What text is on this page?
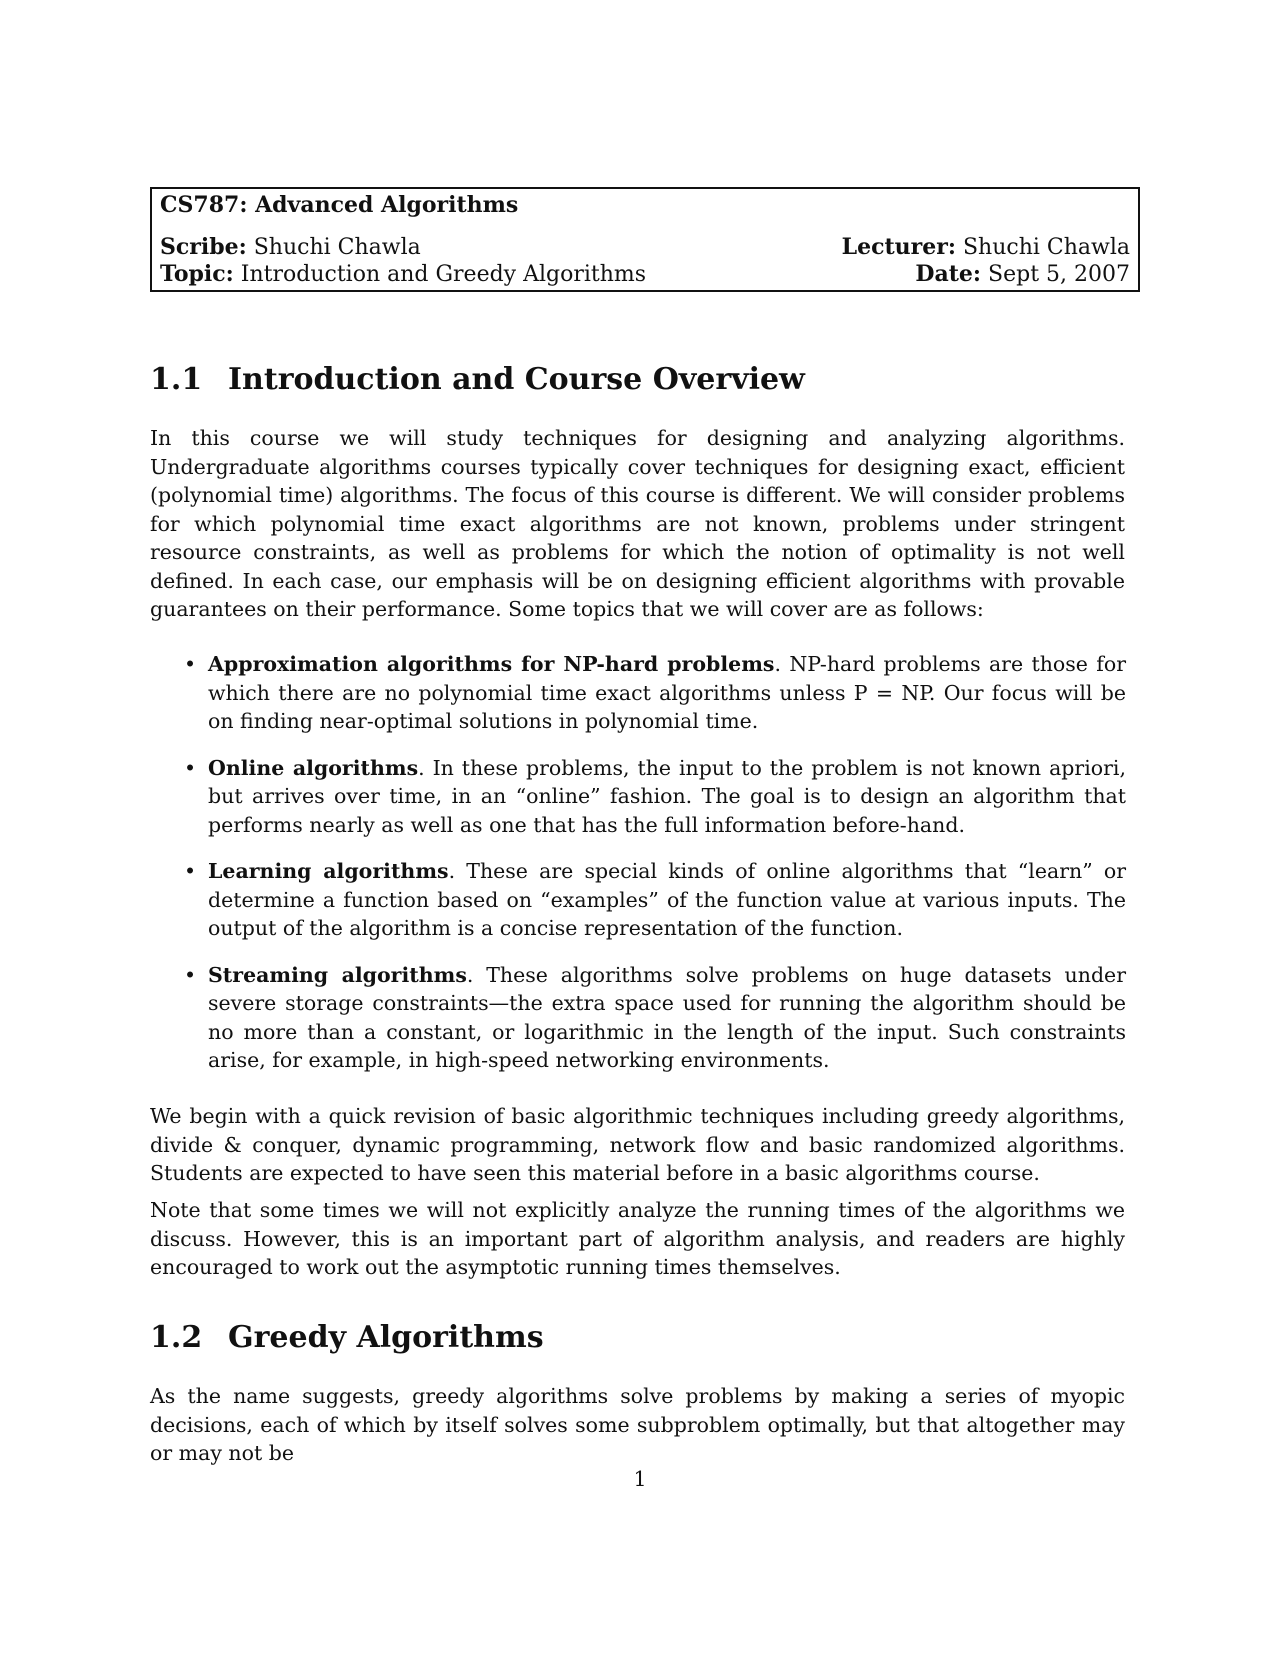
CS787: Advanced Algorithms
Scribe: Shuchi Chawla
Topic: Introduction and Greedy Algorithms
Lecturer: Shuchi Chawla
Date: Sept 5, 2007
1.1 Introduction and Course Overview

In this course we will study techniques for designing and analyzing algorithms. Undergraduate algorithms courses typically cover techniques for designing exact, efficient (polynomial time) algorithms. The focus of this course is different. We will consider problems for which polynomial time exact algorithms are not known, problems under stringent resource constraints, as well as problems for which the notion of optimality is not well defined. In each case, our emphasis will be on designing efficient algorithms with provable guarantees on their performance. Some topics that we will cover are as follows:

• Approximation algorithms for NP-hard problems. NP-hard problems are those for which there are no polynomial time exact algorithms unless P = NP. Our focus will be on finding near-optimal solutions in polynomial time.
• Online algorithms. In these problems, the input to the problem is not known apriori, but arrives over time, in an “online” fashion. The goal is to design an algorithm that performs nearly as well as one that has the full information before-hand.
• Learning algorithms. These are special kinds of online algorithms that “learn” or determine a function based on “examples” of the function value at various inputs. The output of the algorithm is a concise representation of the function.
• Streaming algorithms. These algorithms solve problems on huge datasets under severe storage constraints—the extra space used for running the algorithm should be no more than a constant, or logarithmic in the length of the input. Such constraints arise, for example, in high-speed networking environments.

We begin with a quick revision of basic algorithmic techniques including greedy algorithms, divide & conquer, dynamic programming, network flow and basic randomized algorithms. Students are expected to have seen this material before in a basic algorithms course.

Note that some times we will not explicitly analyze the running times of the algorithms we discuss. However, this is an important part of algorithm analysis, and readers are highly encouraged to work out the asymptotic running times themselves.

1.2 Greedy Algorithms

As the name suggests, greedy algorithms solve problems by making a series of myopic decisions, each of which by itself solves some subproblem optimally, but that altogether may or may not be

1
